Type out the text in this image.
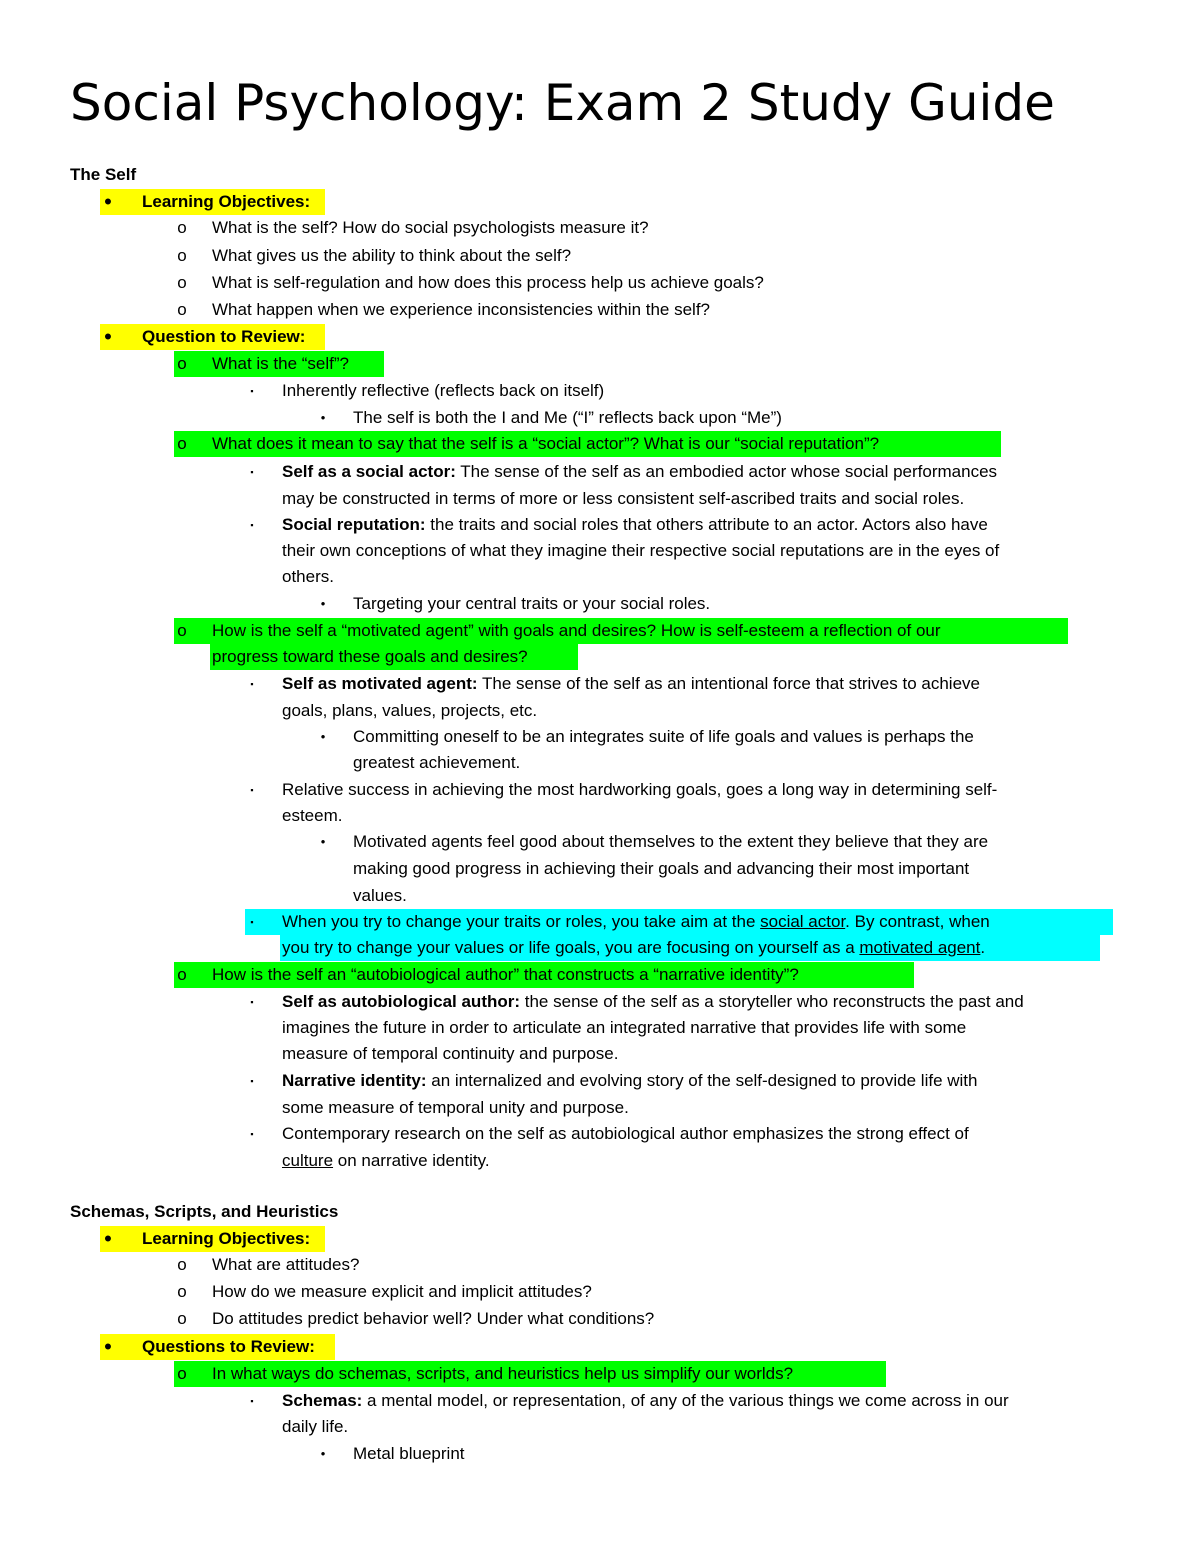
Social Psychology: Exam 2 Study Guide
The Self
• Learning Objectives:
o What is the self? How do social psychologists measure it?
o What gives us the ability to think about the self?
o What is self-regulation and how does this process help us achieve goals?
o What happen when we experience inconsistencies within the self?
• Question to Review:
o What is the “self”?
▪	Inherently reflective (reflects back on itself)
• The self is both the I and Me (“I” reflects back upon “Me”)
o What does it mean to say that the self is a “social actor”? What is our “social reputation”?
▪	Self as a social actor: The sense of the self as an embodied actor whose social performances
may be constructed in terms of more or less consistent self-ascribed traits and social roles.
▪	Social reputation: the traits and social roles that others attribute to an actor. Actors also have
their own conceptions of what they imagine their respective social reputations are in the eyes of
others.
• Targeting your central traits or your social roles.
o How is the self a “motivated agent” with goals and desires? How is self-esteem a reflection of our
progress toward these goals and desires?
▪	Self as motivated agent: The sense of the self as an intentional force that strives to achieve
goals, plans, values, projects, etc.
• Committing oneself to be an integrates suite of life goals and values is perhaps the
greatest achievement.
▪	Relative success in achieving the most hardworking goals, goes a long way in determining self-
esteem.
• Motivated agents feel good about themselves to the extent they believe that they are
making good progress in achieving their goals and advancing their most important
values.
▪	When you try to change your traits or roles, you take aim at the social actor. By contrast, when
you try to change your values or life goals, you are focusing on yourself as a motivated agent.
o How is the self an “autobiological author” that constructs a “narrative identity”?
▪	Self as autobiological author: the sense of the self as a storyteller who reconstructs the past and
imagines the future in order to articulate an integrated narrative that provides life with some
measure of temporal continuity and purpose.
▪	Narrative identity: an internalized and evolving story of the self-designed to provide life with
some measure of temporal unity and purpose.
▪	Contemporary research on the self as autobiological author emphasizes the strong effect of
culture on narrative identity.
Schemas, Scripts, and Heuristics
• Learning Objectives:
o What are attitudes?
o How do we measure explicit and implicit attitudes?
o Do attitudes predict behavior well? Under what conditions?
• Questions to Review:
o In what ways do schemas, scripts, and heuristics help us simplify our worlds?
▪	Schemas: a mental model, or representation, of any of the various things we come across in our
daily life.
• Metal blueprint
